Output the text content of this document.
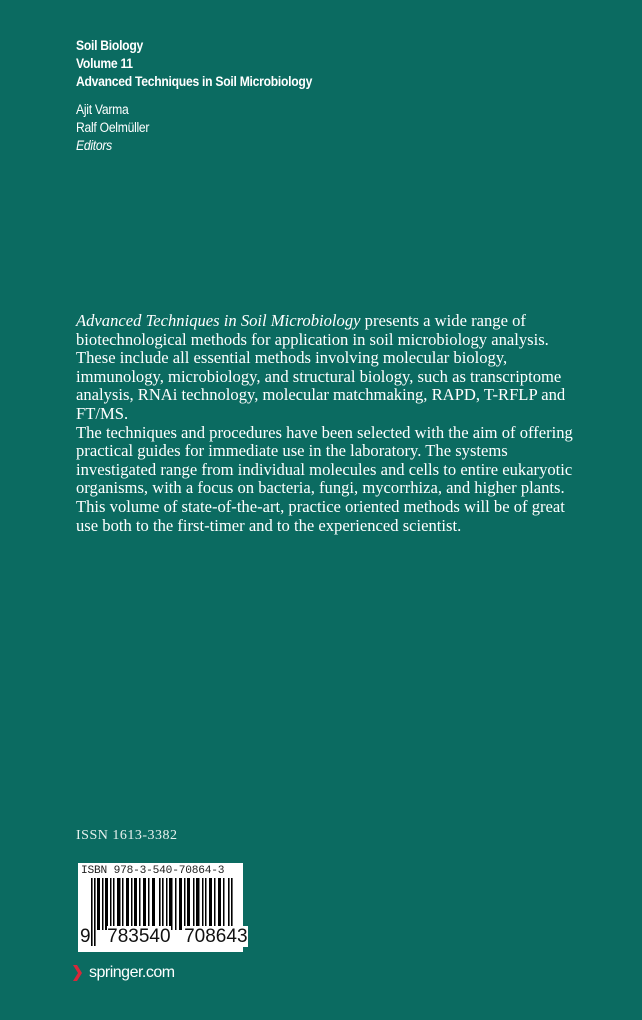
Soil Biology
Volume 11
Advanced Techniques in Soil Microbiology
Ajit Varma
Ralf Oelmüller
Editors

Advanced Techniques in Soil Microbiology presents a wide range of biotechnological methods for application in soil microbiology analysis. These include all essential methods involving molecular biology, immunology, microbiology, and structural biology, such as transcriptome analysis, RNAi technology, molecular matchmaking, RAPD, T-RFLP and FT/MS.

The techniques and procedures have been selected with the aim of offering practical guides for immediate use in the laboratory. The systems investigated range from individual molecules and cells to entire eukaryotic organisms, with a focus on bacteria, fungi, mycorrhiza, and higher plants. This volume of state-of-the-art, practice oriented methods will be of great use both to the first-timer and to the experienced scientist.

ISSN 1613-3382
ISBN 978-3-540-70864-3
9 783540 708643
springer.com
